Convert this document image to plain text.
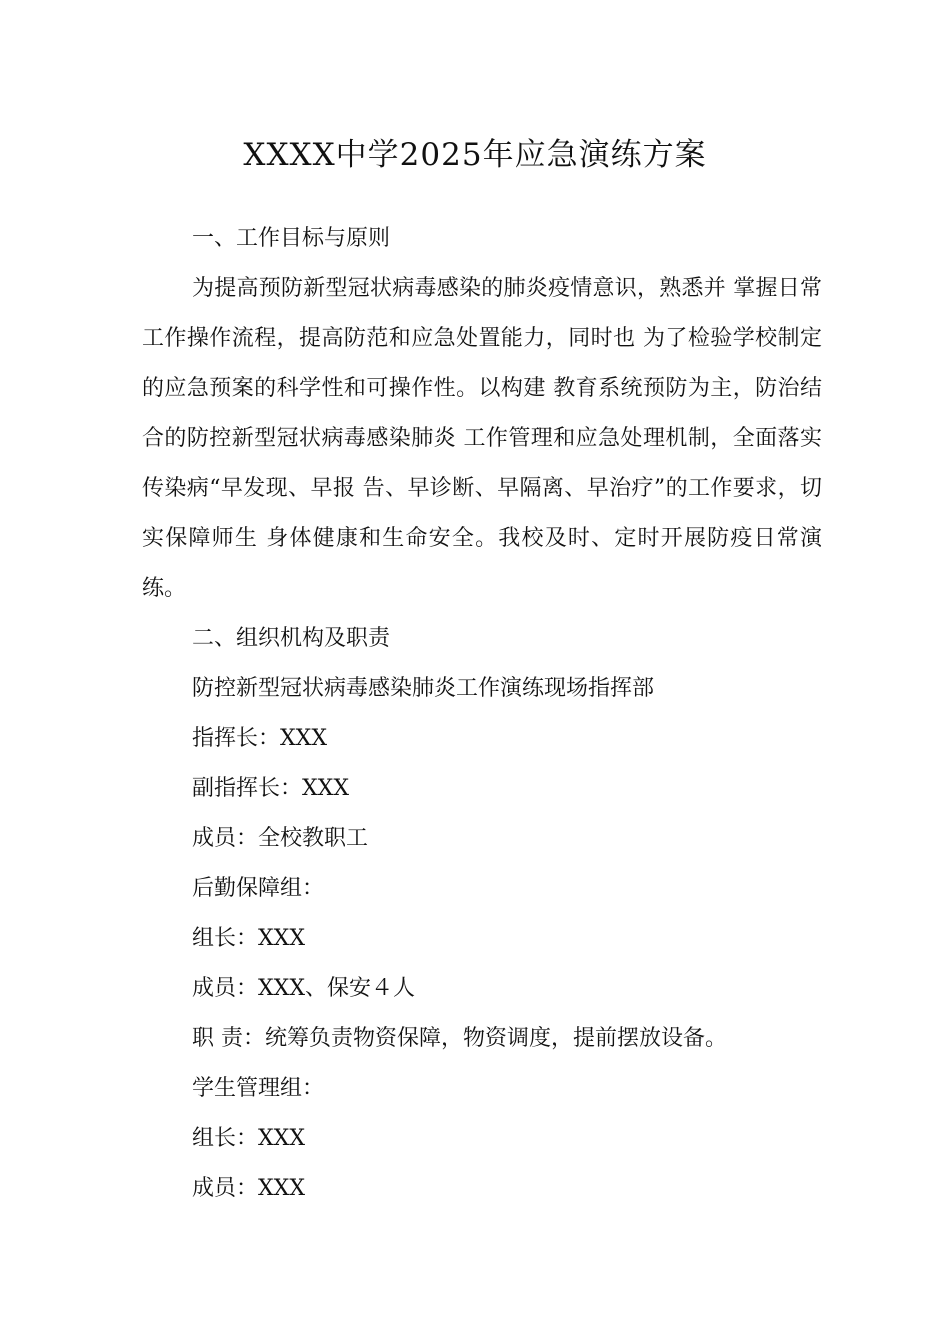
XXXX中学2025年应急演练方案

一、工作目标与原则

为提高预防新型冠状病毒感染的肺炎疫情意识，熟悉并 掌握日常工作操作流程，提高防范和应急处置能力，同时也 为了检验学校制定的应急预案的科学性和可操作性。以构建 教育系统预防为主，防治结合的防控新型冠状病毒感染肺炎 工作管理和应急处理机制，全面落实传染病“早发现、早报 告、早诊断、早隔离、早治疗”的工作要求，切实保障师生 身体健康和生命安全。我校及时、定时开展防疫日常演练。

二、组织机构及职责

防控新型冠状病毒感染肺炎工作演练现场指挥部

指挥长：XXX

副指挥长：XXX

成员：全校教职工

后勤保障组：

组长：XXX

成员：XXX、保安４人

职 责：统筹负责物资保障，物资调度，提前摆放设备。

学生管理组：

组长：XXX

成员：XXX
